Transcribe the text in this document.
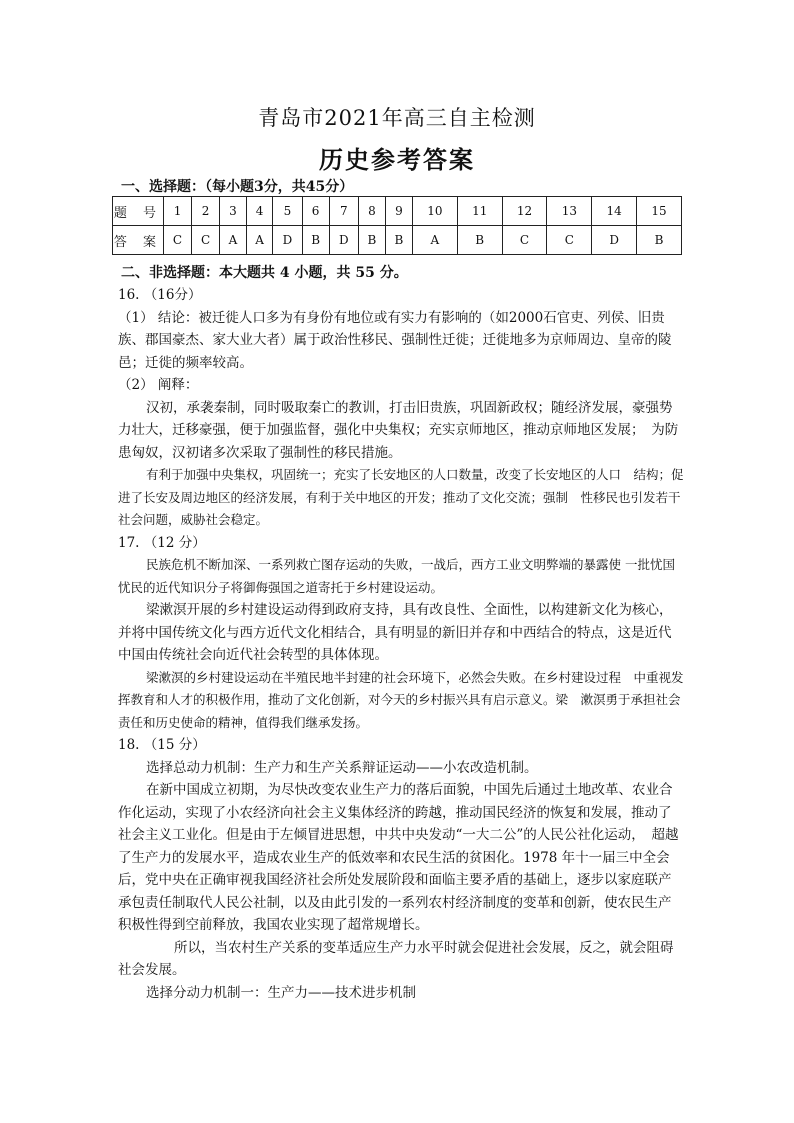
青岛市2021年高三自主检测
历史参考答案
一、选择题：（每小题3分，共45分）
题 号	1	2	3	4	5	6	7	8	9	10	11	12	13	14	15
答 案	C	C	A	A	D	B	D	B	B	A	B	C	C	D	B
二、非选择题：本大题共 4 小题，共 55 分。

16. （16分）

（1） 结论：被迁徙人口多为有身份有地位或有实力有影响的（如2000石官吏、列侯、旧贵族、郡国豪杰、家大业大者）属于政治性移民、强制性迁徙；迁徙地多为京师周边、皇帝的陵邑；迁徙的频率较高。

（2） 阐释：

汉初，承袭秦制，同时吸取秦亡的教训，打击旧贵族，巩固新政权；随经济发展，豪强势力壮大，迁移豪强，便于加强监督，强化中央集权；充实京师地区，推动京师地区发展；　为防患匈奴，汉初诸多次采取了强制性的移民措施。

有利于加强中央集权，巩固统一；充实了长安地区的人口数量，改变了长安地区的人口　结构；促进了长安及周边地区的经济发展，有利于关中地区的开发；推动了文化交流；强制　性移民也引发若干社会问题，威胁社会稳定。

17. （12 分）

民族危机不断加深、一系列救亡图存运动的失败，一战后，西方工业文明弊端的暴露使 一批忧国忧民的近代知识分子将御侮强国之道寄托于乡村建设运动。

梁漱溟开展的乡村建设运动得到政府支持，具有改良性、全面性，以构建新文化为核心，　并将中国传统文化与西方近代文化相结合，具有明显的新旧并存和中西结合的特点，这是近代中国由传统社会向近代社会转型的具体体现。

梁漱溟的乡村建设运动在半殖民地半封建的社会环境下，必然会失败。在乡村建设过程　中重视发挥教育和人才的积极作用，推动了文化创新，对今天的乡村振兴具有启示意义。梁　漱溟勇于承担社会责任和历史使命的精神，值得我们继承发扬。

18. （15 分）

选择总动力机制：生产力和生产关系辩证运动——小农改造机制。

在新中国成立初期，为尽快改变农业生产力的落后面貌，中国先后通过土地改革、农业合作化运动，实现了小农经济向社会主义集体经济的跨越，推动国民经济的恢复和发展，推动了社会主义工业化。但是由于左倾冒进思想，中共中央发动“一大二公”的人民公社化运动，　超越了生产力的发展水平，造成农业生产的低效率和农民生活的贫困化。1978 年十一届三中全会后，党中央在正确审视我国经济社会所处发展阶段和面临主要矛盾的基础上，逐步以家庭联产承包责任制取代人民公社制，以及由此引发的一系列农村经济制度的变革和创新，使农民生产积极性得到空前释放，我国农业实现了超常规增长。

所以，当农村生产关系的变革适应生产力水平时就会促进社会发展，反之，就会阻碍社会发展。

选择分动力机制一：生产力——技术进步机制
